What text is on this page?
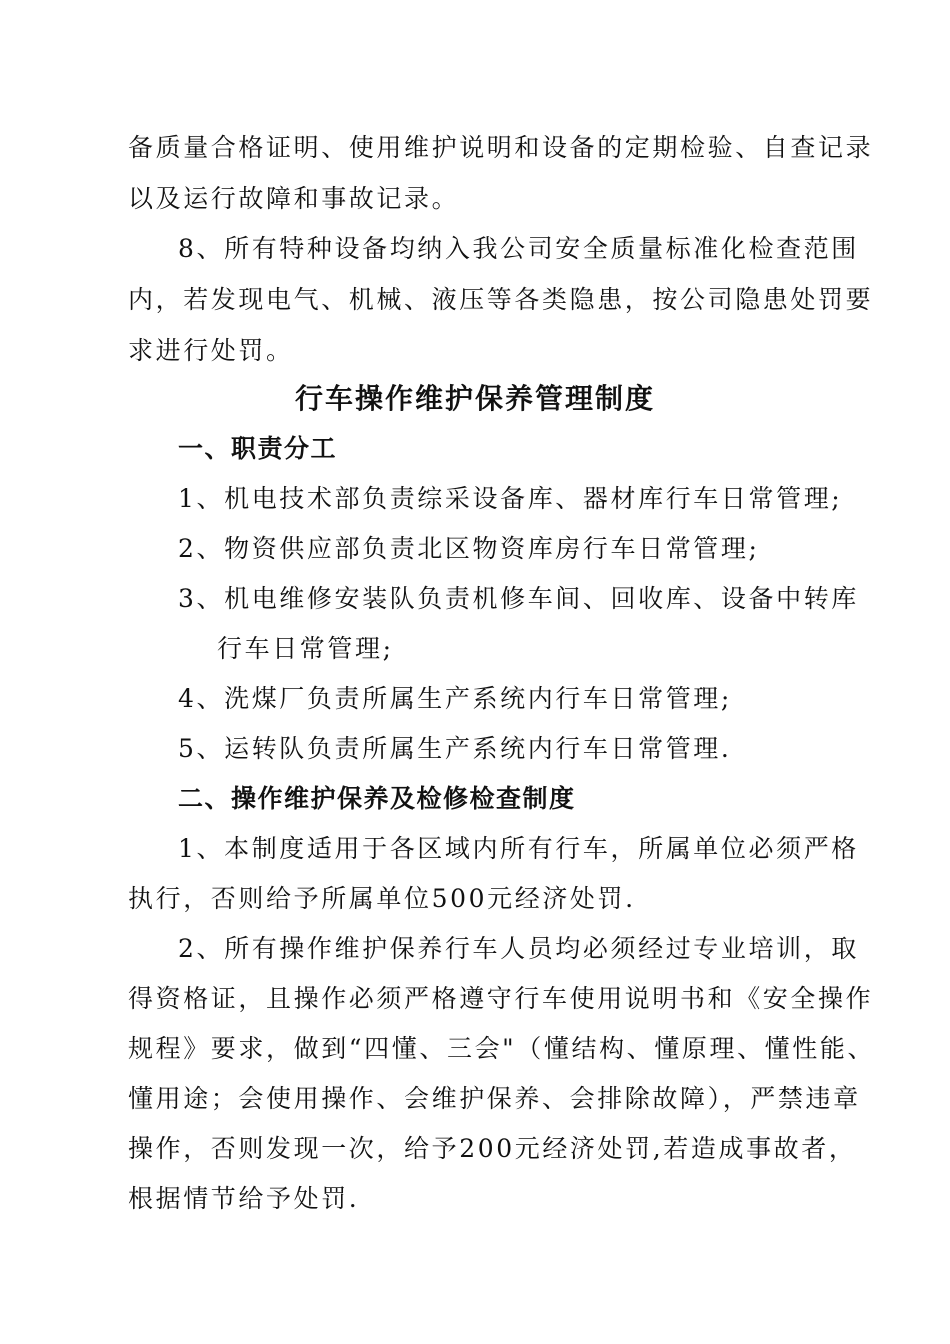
备质量合格证明、使用维护说明和设备的定期检验、自查记录
以及运行故障和事故记录。
8、所有特种设备均纳入我公司安全质量标准化检查范围
内，若发现电气、机械、液压等各类隐患，按公司隐患处罚要
求进行处罚。
行车操作维护保养管理制度
一、职责分工
1、机电技术部负责综采设备库、器材库行车日常管理;
2、物资供应部负责北区物资库房行车日常管理;
3、机电维修安装队负责机修车间、回收库、设备中转库
行车日常管理;
4、洗煤厂负责所属生产系统内行车日常管理;
5、运转队负责所属生产系统内行车日常管理.
二、操作维护保养及检修检查制度
1、本制度适用于各区域内所有行车，所属单位必须严格
执行，否则给予所属单位500元经济处罚.
2、所有操作维护保养行车人员均必须经过专业培训，取
得资格证，且操作必须严格遵守行车使用说明书和《安全操作
规程》要求，做到“四懂、三会"（懂结构、懂原理、懂性能、
懂用途；会使用操作、会维护保养、会排除故障），严禁违章
操作，否则发现一次，给予200元经济处罚,若造成事故者，
根据情节给予处罚.
